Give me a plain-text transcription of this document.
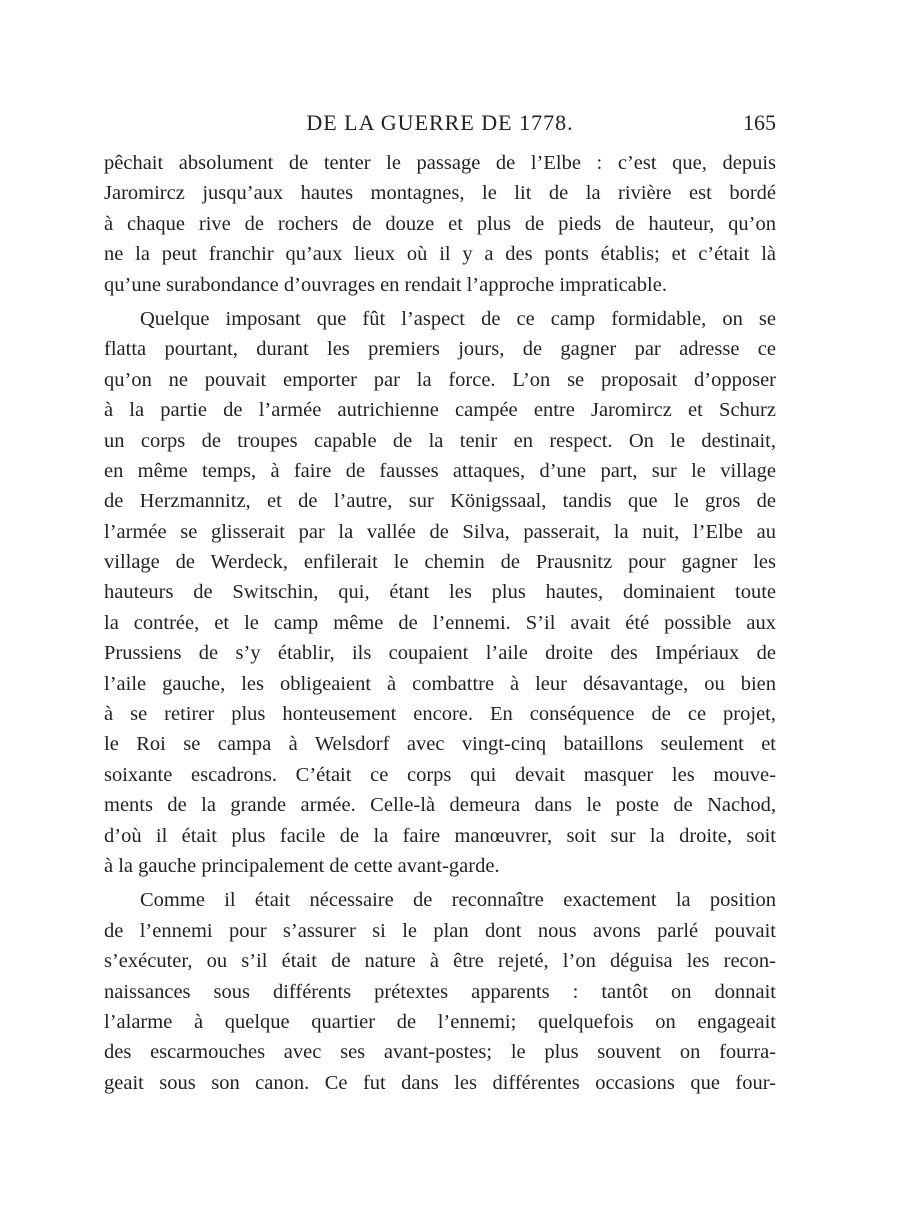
DE LA GUERRE DE 1778.	165
pêchait absolument de tenter le passage de l’Elbe : c’est que, depuis
Jaromircz jusqu’aux hautes montagnes, le lit de la rivière est bordé
à chaque rive de rochers de douze et plus de pieds de hauteur, qu’on
ne la peut franchir qu’aux lieux où il y a des ponts établis; et c’était là
qu’une surabondance d’ouvrages en rendait l’approche impraticable.
Quelque imposant que fût l’aspect de ce camp formidable, on se
flatta pourtant, durant les premiers jours, de gagner par adresse ce
qu’on ne pouvait emporter par la force. L’on se proposait d’opposer
à la partie de l’armée autrichienne campée entre Jaromircz et Schurz
un corps de troupes capable de la tenir en respect. On le destinait,
en même temps, à faire de fausses attaques, d’une part, sur le village
de Herzmannitz, et de l’autre, sur Königssaal, tandis que le gros de
l’armée se glisserait par la vallée de Silva, passerait, la nuit, l’Elbe au
village de Werdeck, enfilerait le chemin de Prausnitz pour gagner les
hauteurs de Switschin, qui, étant les plus hautes, dominaient toute
la contrée, et le camp même de l’ennemi. S’il avait été possible aux
Prussiens de s’y établir, ils coupaient l’aile droite des Impériaux de
l’aile gauche, les obligeaient à combattre à leur désavantage, ou bien
à se retirer plus honteusement encore. En conséquence de ce projet,
le Roi se campa à Welsdorf avec vingt-cinq bataillons seulement et
soixante escadrons. C’était ce corps qui devait masquer les mouve-
ments de la grande armée. Celle-là demeura dans le poste de Nachod,
d’où il était plus facile de la faire manœuvrer, soit sur la droite, soit
à la gauche principalement de cette avant-garde.
Comme il était nécessaire de reconnaître exactement la position
de l’ennemi pour s’assurer si le plan dont nous avons parlé pouvait
s’exécuter, ou s’il était de nature à être rejeté, l’on déguisa les recon-
naissances sous différents prétextes apparents : tantôt on donnait
l’alarme à quelque quartier de l’ennemi; quelquefois on engageait
des escarmouches avec ses avant-postes; le plus souvent on fourra-
geait sous son canon. Ce fut dans les différentes occasions que four-
